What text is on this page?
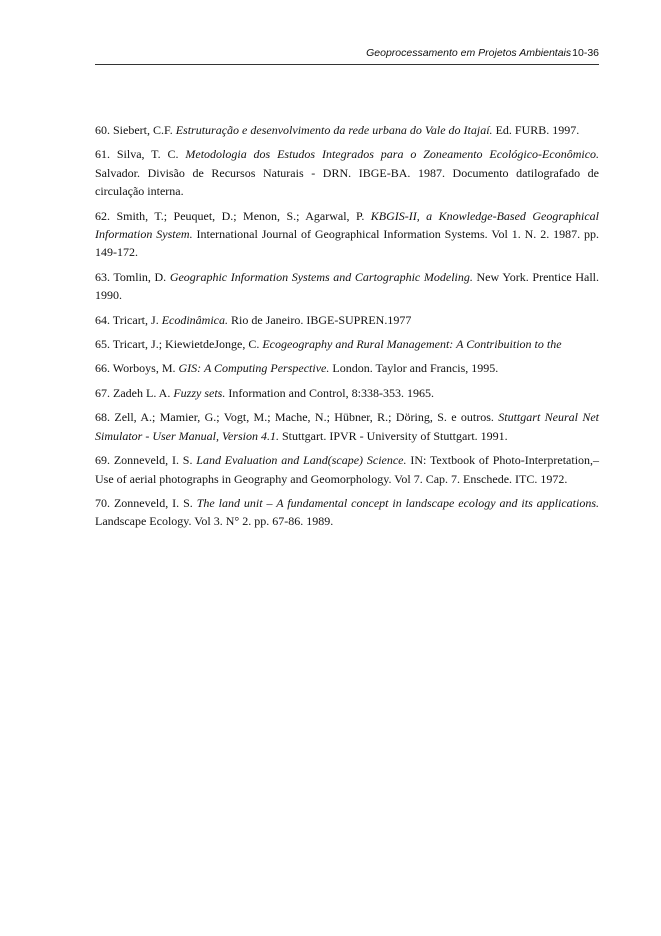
Geoprocessamento em Projetos Ambientais10-36

60. Siebert, C.F. Estruturação e desenvolvimento da rede urbana do Vale do Itajaí. Ed. FURB. 1997.

61. Silva, T. C. Metodologia dos Estudos Integrados para o Zoneamento Ecológico-Econômico. Salvador. Divisão de Recursos Naturais - DRN. IBGE-BA. 1987. Documento datilografado de circulação interna.

62. Smith, T.; Peuquet, D.; Menon, S.; Agarwal, P. KBGIS-II, a Knowledge-Based Geographical Information System. International Journal of Geographical Information Systems. Vol 1. N. 2. 1987. pp. 149-172.

63. Tomlin, D. Geographic Information Systems and Cartographic Modeling. New York. Prentice Hall. 1990.

64. Tricart, J. Ecodinâmica. Rio de Janeiro. IBGE-SUPREN.1977

65. Tricart, J.; KiewietdeJonge, C. Ecogeography and Rural Management: A Contribuition to the

66. Worboys, M. GIS: A Computing Perspective. London. Taylor and Francis, 1995.

67. Zadeh L. A. Fuzzy sets. Information and Control, 8:338-353. 1965.

68. Zell, A.; Mamier, G.; Vogt, M.; Mache, N.; Hübner, R.; Döring, S. e outros. Stuttgart Neural Net Simulator - User Manual, Version 4.1. Stuttgart. IPVR - University of Stuttgart. 1991.

69. Zonneveld, I. S. Land Evaluation and Land(scape) Science. IN: Textbook of Photo-Interpretation,– Use of aerial photographs in Geography and Geomorphology. Vol 7. Cap. 7. Enschede. ITC. 1972.

70. Zonneveld, I. S. The land unit – A fundamental concept in landscape ecology and its applications. Landscape Ecology. Vol 3. N° 2. pp. 67-86. 1989.
